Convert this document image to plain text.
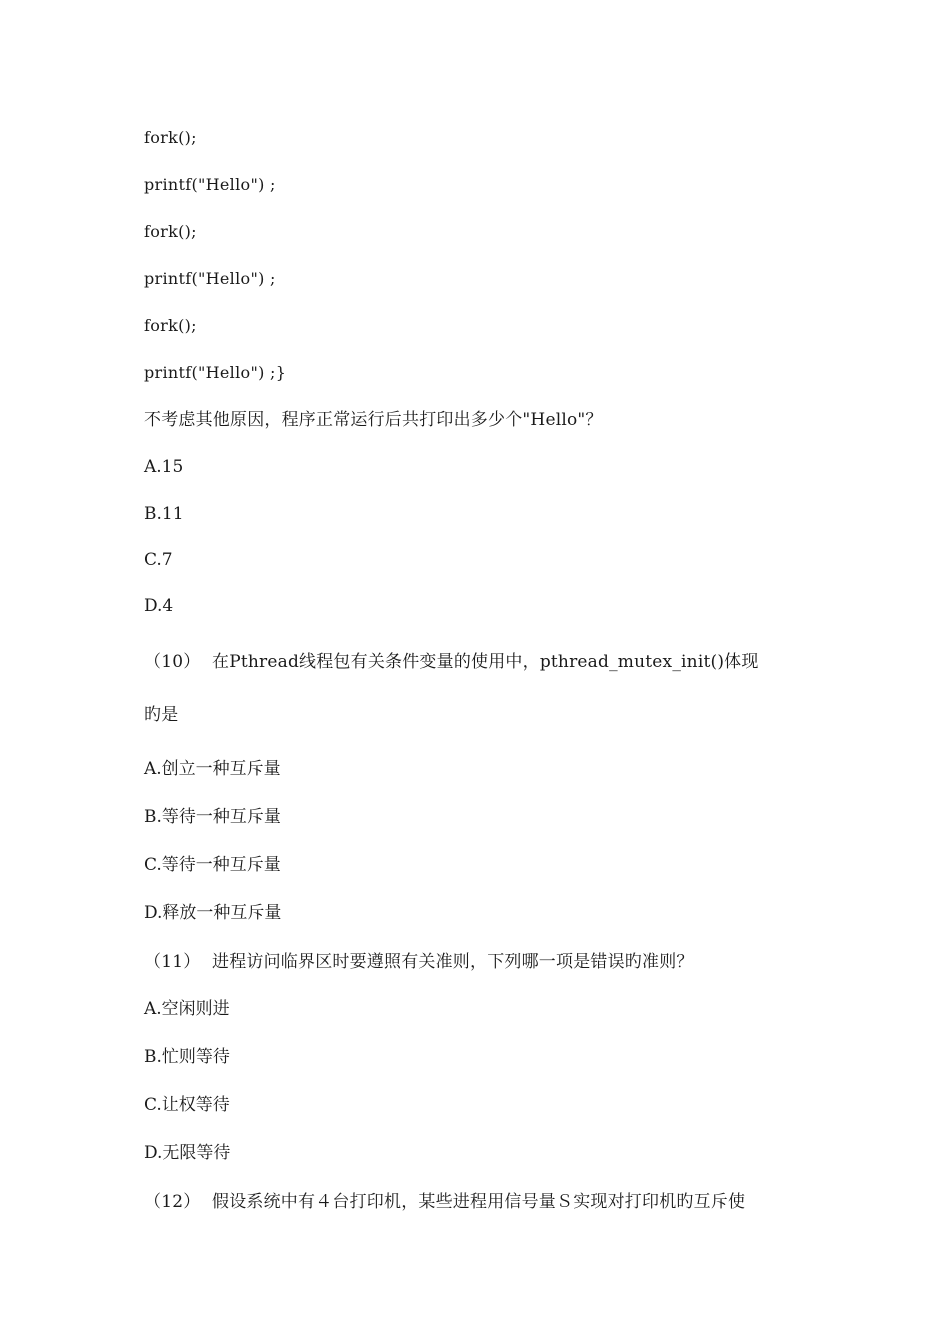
fork();
printf("Hello") ;
fork();
printf("Hello") ;
fork();
printf("Hello") ;}
不考虑其他原因，程序正常运行后共打印出多少个"Hello"？
A.15
B.11
C.7
D.4
（10） 在Pthread线程包有关条件变量的使用中，pthread_mutex_init()体现
旳是
A.创立一种互斥量
B.等待一种互斥量
C.等待一种互斥量
D.释放一种互斥量
（11） 进程访问临界区时要遵照有关准则，下列哪一项是错误旳准则？
A.空闲则进
B.忙则等待
C.让权等待
D.无限等待
（12） 假设系统中有４台打印机，某些进程用信号量Ｓ实现对打印机旳互斥使
